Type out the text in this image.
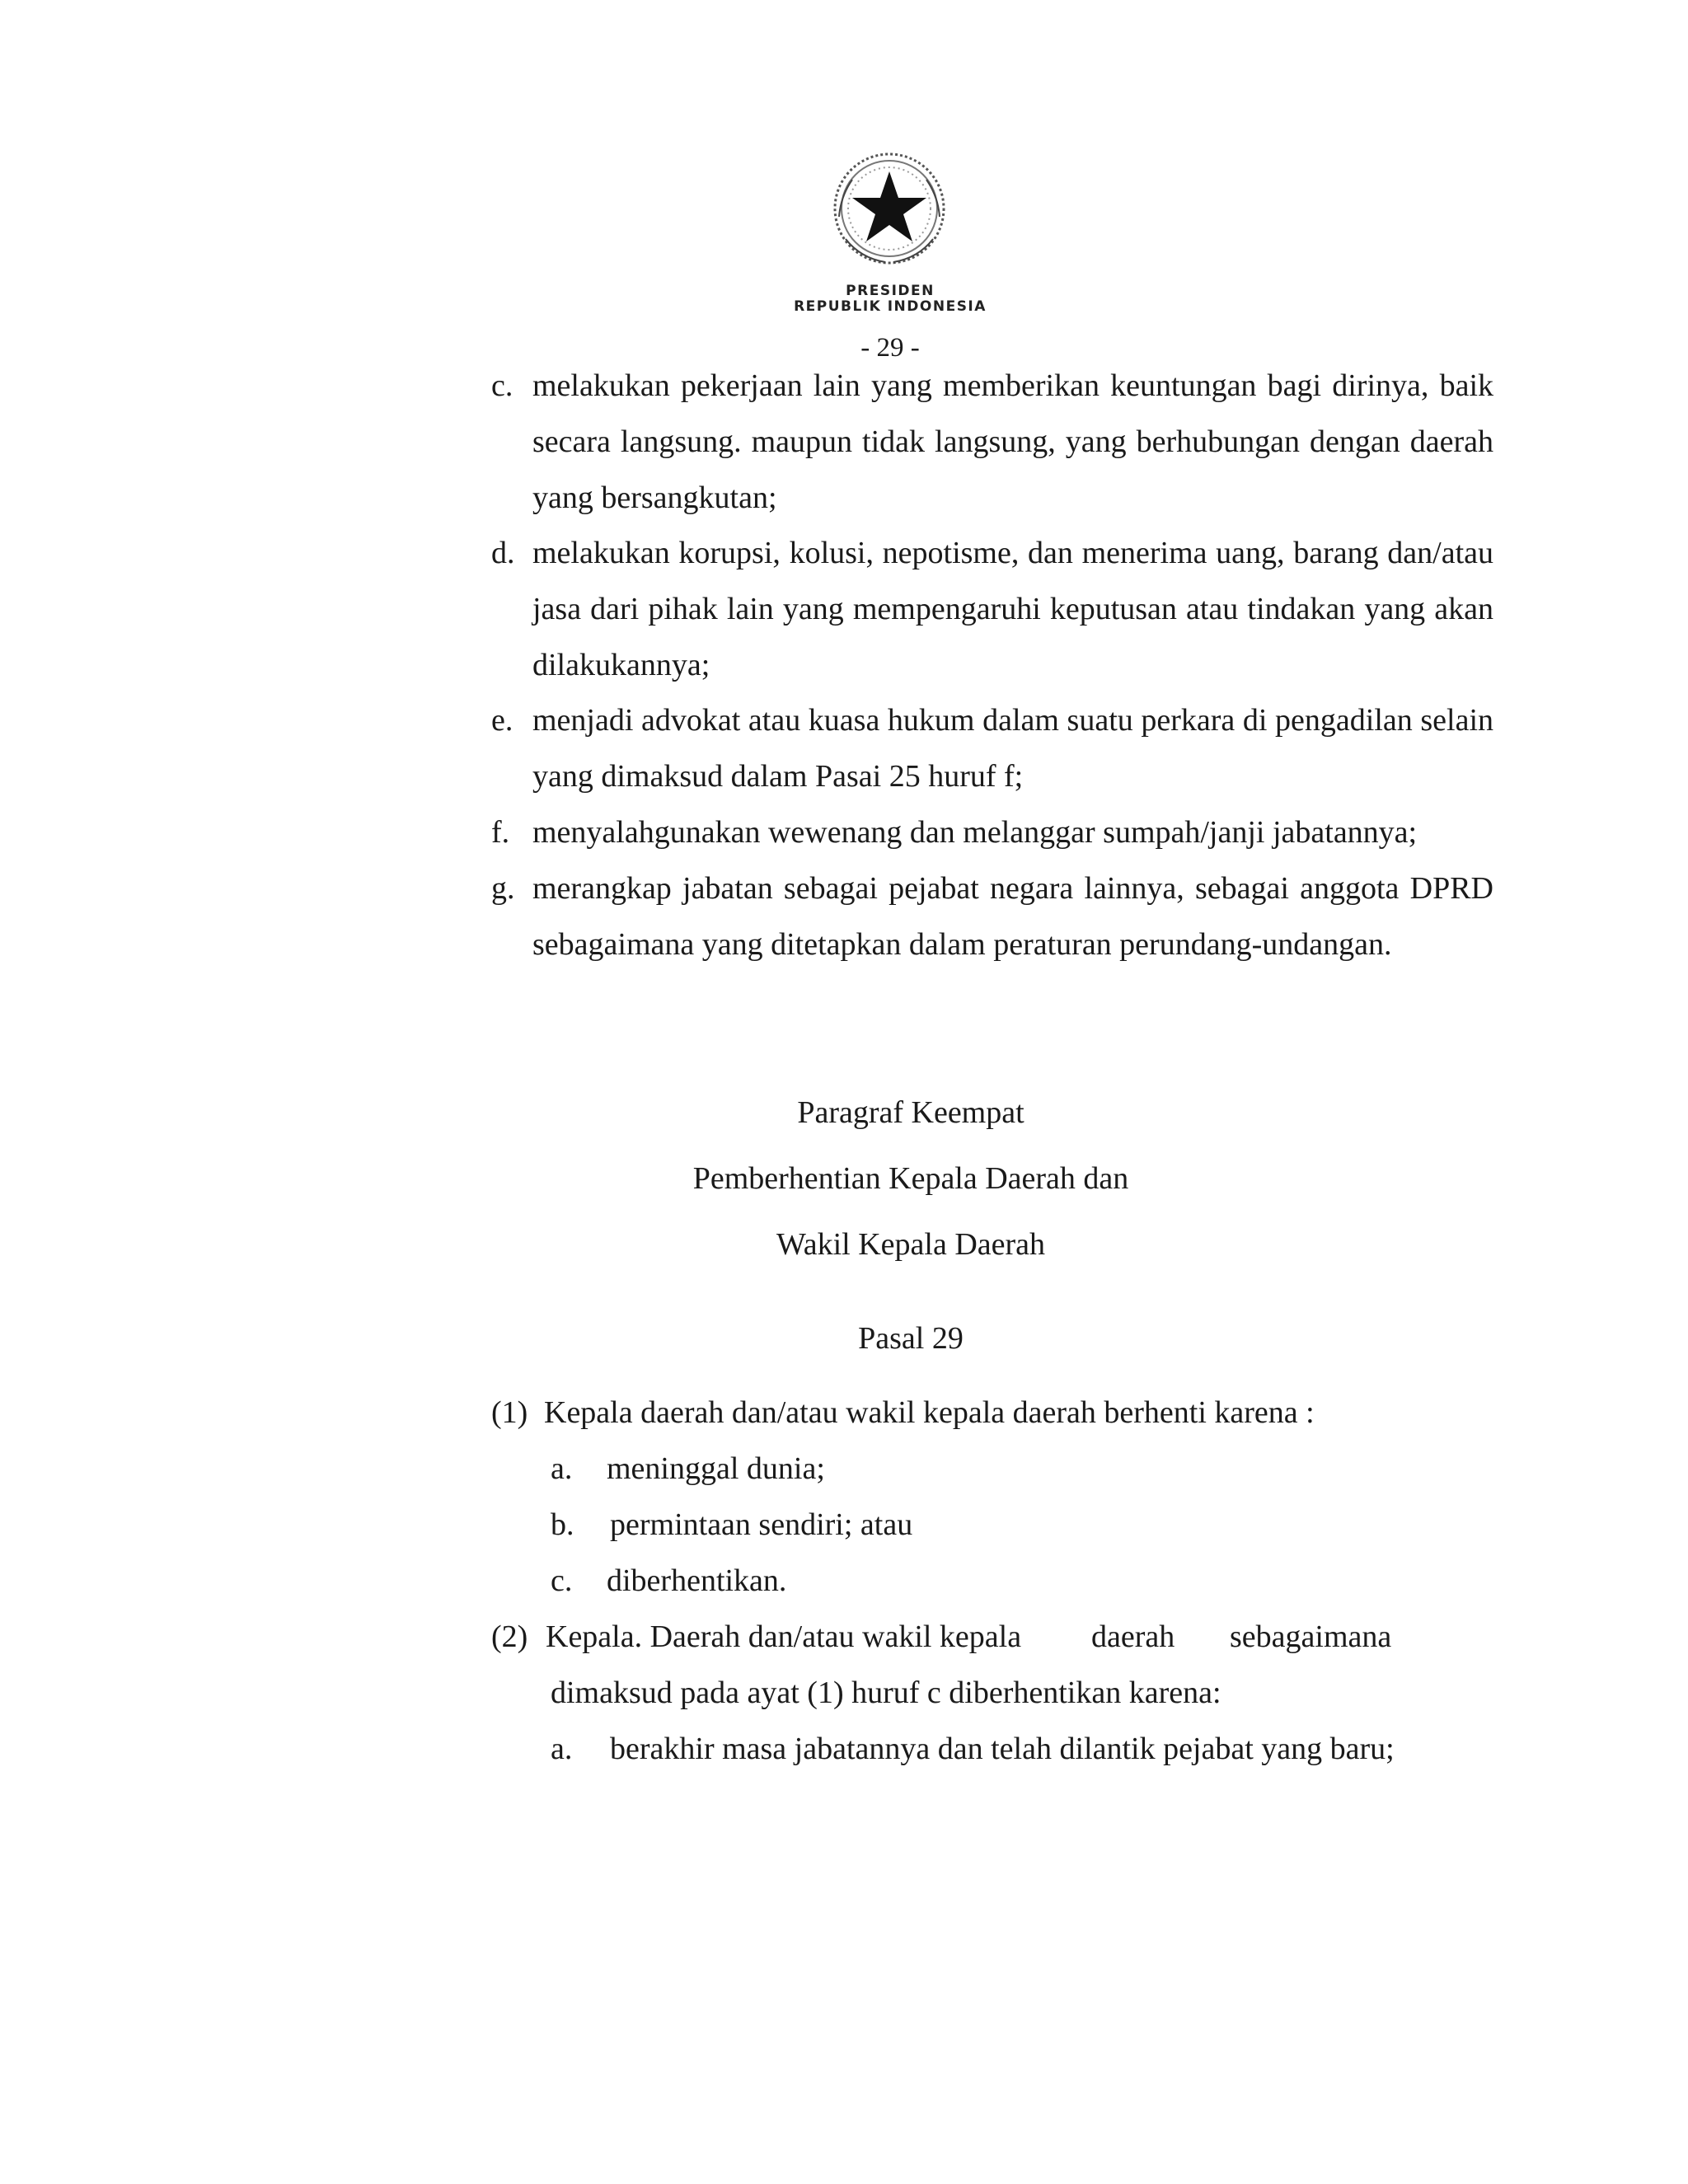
PRESIDEN
REPUBLIK INDONESIA
- 29 -
c. melakukan pekerjaan lain yang memberikan keuntungan bagi dirinya, baik secara langsung. maupun tidak langsung, yang berhubungan dengan daerah yang bersangkutan;
d. melakukan korupsi, kolusi, nepotisme, dan menerima uang, barang dan/atau jasa dari pihak lain yang mempengaruhi keputusan atau tindakan yang akan dilakukannya;
e. menjadi advokat atau kuasa hukum dalam suatu perkara di pengadilan selain yang dimaksud dalam Pasai 25 huruf f;
f. menyalahgunakan wewenang dan melanggar sumpah/janji jabatannya;
g. merangkap jabatan sebagai pejabat negara lainnya, sebagai anggota DPRD sebagaimana yang ditetapkan dalam peraturan perundang-undangan.
Paragraf Keempat
Pemberhentian Kepala Daerah dan
Wakil Kepala Daerah
Pasal 29
(1) Kepala daerah dan/atau wakil kepala daerah berhenti karena :
a. meninggal dunia;
b. permintaan sendiri; atau
c. diberhentikan.
(2) Kepala. Daerah dan/atau wakil kepala daerah sebagaimana
dimaksud pada ayat (1) huruf c diberhentikan karena:
a. berakhir masa jabatannya dan telah dilantik pejabat yang baru;
